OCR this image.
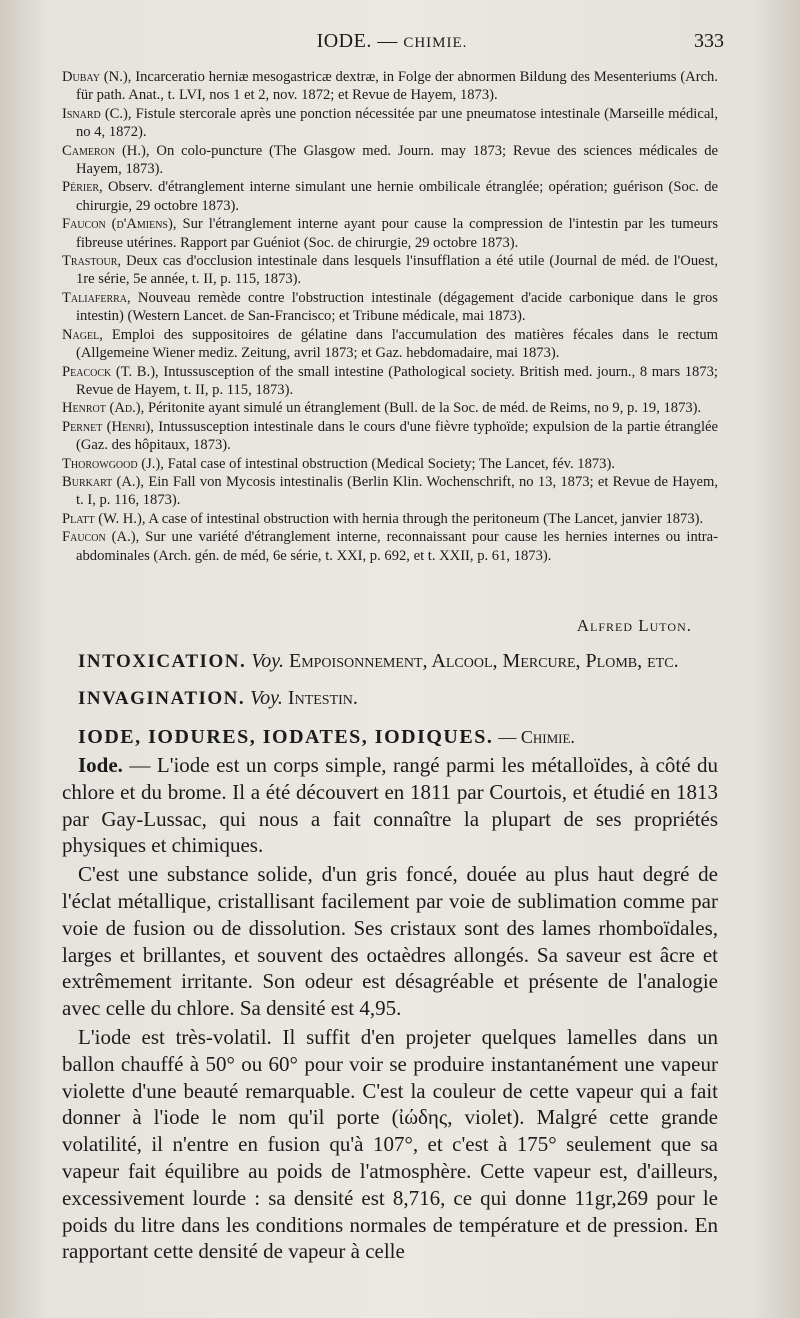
IODE. — CHIMIE.	333

Dubay (N.), Incarceratio herniæ mesogastricæ dextræ, in Folge der abnormen Bildung des Mesenteriums (Arch. für path. Anat., t. LVI, nos 1 et 2, nov. 1872; et Revue de Hayem, 1873).

Isnard (C.), Fistule stercorale après une ponction nécessitée par une pneumatose intestinale (Marseille médical, no 4, 1872).

Cameron (H.), On colo-puncture (The Glasgow med. Journ. may 1873; Revue des sciences médicales de Hayem, 1873).

Périer, Observ. d'étranglement interne simulant une hernie ombilicale étranglée; opération; guérison (Soc. de chirurgie, 29 octobre 1873).

Faucon (d'Amiens), Sur l'étranglement interne ayant pour cause la compression de l'intestin par les tumeurs fibreuse utérines. Rapport par Guéniot (Soc. de chirurgie, 29 octobre 1873).

Trastour, Deux cas d'occlusion intestinale dans lesquels l'insufflation a été utile (Journal de méd. de l'Ouest, 1re série, 5e année, t. II, p. 115, 1873).

Taliaferra, Nouveau remède contre l'obstruction intestinale (dégagement d'acide carbonique dans le gros intestin) (Western Lancet. de San-Francisco; et Tribune médicale, mai 1873).

Nagel, Emploi des suppositoires de gélatine dans l'accumulation des matières fécales dans le rectum (Allgemeine Wiener mediz. Zeitung, avril 1873; et Gaz. hebdomadaire, mai 1873).

Peacock (T. B.), Intussusception of the small intestine (Pathological society. British med. journ., 8 mars 1873; Revue de Hayem, t. II, p. 115, 1873).

Henrot (Ad.), Péritonite ayant simulé un étranglement (Bull. de la Soc. de méd. de Reims, no 9, p. 19, 1873).

Pernet (Henri), Intussusception intestinale dans le cours d'une fièvre typhoïde; expulsion de la partie étranglée (Gaz. des hôpitaux, 1873).

Thorowgood (J.), Fatal case of intestinal obstruction (Medical Society; The Lancet, fév. 1873).

Burkart (A.), Ein Fall von Mycosis intestinalis (Berlin Klin. Wochenschrift, no 13, 1873; et Revue de Hayem, t. I, p. 116, 1873).

Platt (W. H.), A case of intestinal obstruction with hernia through the peritoneum (The Lancet, janvier 1873).

Faucon (A.), Sur une variété d'étranglement interne, reconnaissant pour cause les hernies internes ou intra-abdominales (Arch. gén. de méd, 6e série, t. XXI, p. 692, et t. XXII, p. 61, 1873).

Alfred Luton.
INTOXICATION. Voy. Empoisonnement, Alcool, Mercure, Plomb, etc.
INVAGINATION. Voy. Intestin.
IODE, IODURES, IODATES, IODIQUES. — Chimie.

Iode. — L'iode est un corps simple, rangé parmi les métalloïdes, à côté du chlore et du brome. Il a été découvert en 1811 par Courtois, et étudié en 1813 par Gay-Lussac, qui nous a fait connaître la plupart de ses propriétés physiques et chimiques.

C'est une substance solide, d'un gris foncé, douée au plus haut degré de l'éclat métallique, cristallisant facilement par voie de sublimation comme par voie de fusion ou de dissolution. Ses cristaux sont des lames rhomboïdales, larges et brillantes, et souvent des octaèdres allongés. Sa saveur est âcre et extrêmement irritante. Son odeur est désagréable et présente de l'analogie avec celle du chlore. Sa densité est 4,95.

L'iode est très-volatil. Il suffit d'en projeter quelques lamelles dans un ballon chauffé à 50° ou 60° pour voir se produire instantanément une vapeur violette d'une beauté remarquable. C'est la couleur de cette vapeur qui a fait donner à l'iode le nom qu'il porte (ἰώδης, violet). Malgré cette grande volatilité, il n'entre en fusion qu'à 107°, et c'est à 175° seulement que sa vapeur fait équilibre au poids de l'atmosphère. Cette vapeur est, d'ailleurs, excessivement lourde : sa densité est 8,716, ce qui donne 11gr,269 pour le poids du litre dans les conditions normales de température et de pression. En rapportant cette densité de vapeur à celle
